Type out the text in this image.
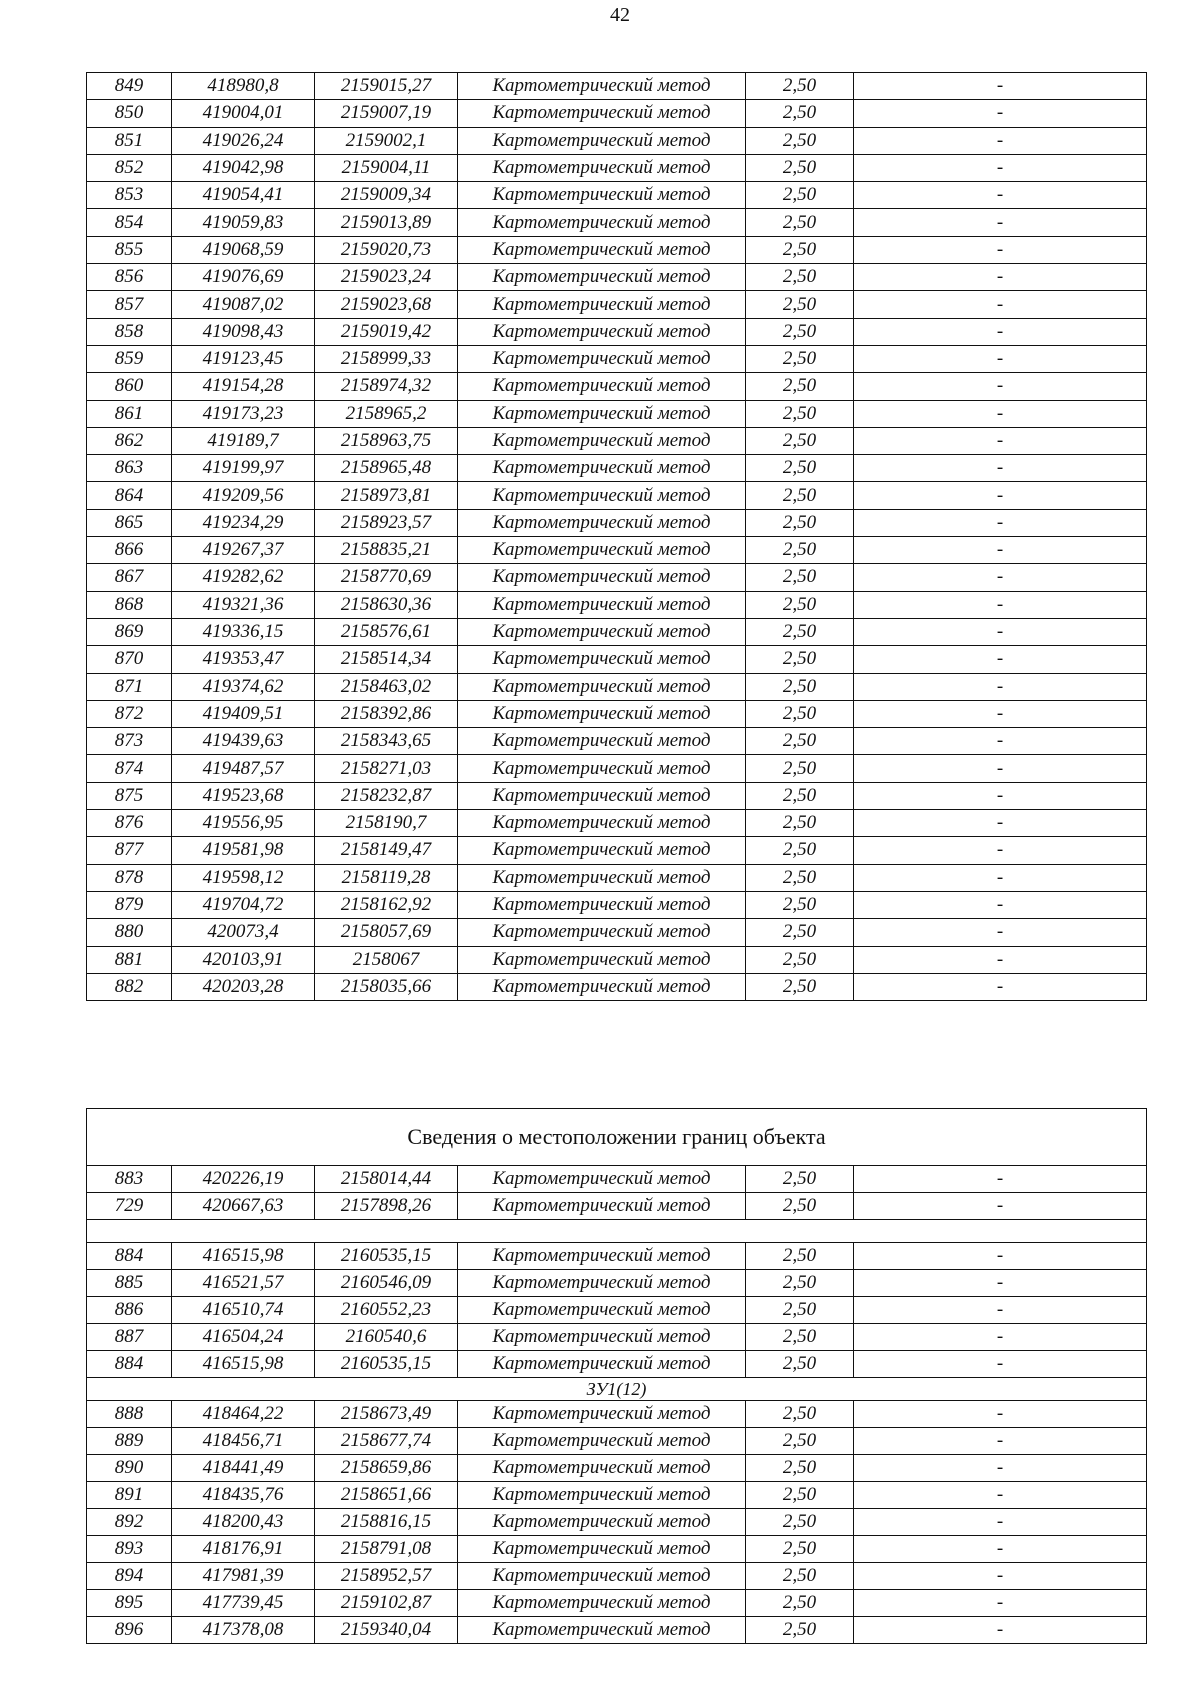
42
849	418980,8	2159015,27	Картометрический метод	2,50	-
850	419004,01	2159007,19	Картометрический метод	2,50	-
851	419026,24	2159002,1	Картометрический метод	2,50	-
852	419042,98	2159004,11	Картометрический метод	2,50	-
853	419054,41	2159009,34	Картометрический метод	2,50	-
854	419059,83	2159013,89	Картометрический метод	2,50	-
855	419068,59	2159020,73	Картометрический метод	2,50	-
856	419076,69	2159023,24	Картометрический метод	2,50	-
857	419087,02	2159023,68	Картометрический метод	2,50	-
858	419098,43	2159019,42	Картометрический метод	2,50	-
859	419123,45	2158999,33	Картометрический метод	2,50	-
860	419154,28	2158974,32	Картометрический метод	2,50	-
861	419173,23	2158965,2	Картометрический метод	2,50	-
862	419189,7	2158963,75	Картометрический метод	2,50	-
863	419199,97	2158965,48	Картометрический метод	2,50	-
864	419209,56	2158973,81	Картометрический метод	2,50	-
865	419234,29	2158923,57	Картометрический метод	2,50	-
866	419267,37	2158835,21	Картометрический метод	2,50	-
867	419282,62	2158770,69	Картометрический метод	2,50	-
868	419321,36	2158630,36	Картометрический метод	2,50	-
869	419336,15	2158576,61	Картометрический метод	2,50	-
870	419353,47	2158514,34	Картометрический метод	2,50	-
871	419374,62	2158463,02	Картометрический метод	2,50	-
872	419409,51	2158392,86	Картометрический метод	2,50	-
873	419439,63	2158343,65	Картометрический метод	2,50	-
874	419487,57	2158271,03	Картометрический метод	2,50	-
875	419523,68	2158232,87	Картометрический метод	2,50	-
876	419556,95	2158190,7	Картометрический метод	2,50	-
877	419581,98	2158149,47	Картометрический метод	2,50	-
878	419598,12	2158119,28	Картометрический метод	2,50	-
879	419704,72	2158162,92	Картометрический метод	2,50	-
880	420073,4	2158057,69	Картометрический метод	2,50	-
881	420103,91	2158067	Картометрический метод	2,50	-
882	420203,28	2158035,66	Картометрический метод	2,50	-
Сведения о местоположении границ объекта					
883	420226,19	2158014,44	Картометрический метод	2,50	-
729	420667,63	2157898,26	Картометрический метод	2,50	-

884	416515,98	2160535,15	Картометрический метод	2,50	-
885	416521,57	2160546,09	Картометрический метод	2,50	-
886	416510,74	2160552,23	Картометрический метод	2,50	-
887	416504,24	2160540,6	Картометрический метод	2,50	-
884	416515,98	2160535,15	Картометрический метод	2,50	-
ЗУ1(12)					
888	418464,22	2158673,49	Картометрический метод	2,50	-
889	418456,71	2158677,74	Картометрический метод	2,50	-
890	418441,49	2158659,86	Картометрический метод	2,50	-
891	418435,76	2158651,66	Картометрический метод	2,50	-
892	418200,43	2158816,15	Картометрический метод	2,50	-
893	418176,91	2158791,08	Картометрический метод	2,50	-
894	417981,39	2158952,57	Картометрический метод	2,50	-
895	417739,45	2159102,87	Картометрический метод	2,50	-
896	417378,08	2159340,04	Картометрический метод	2,50	-
